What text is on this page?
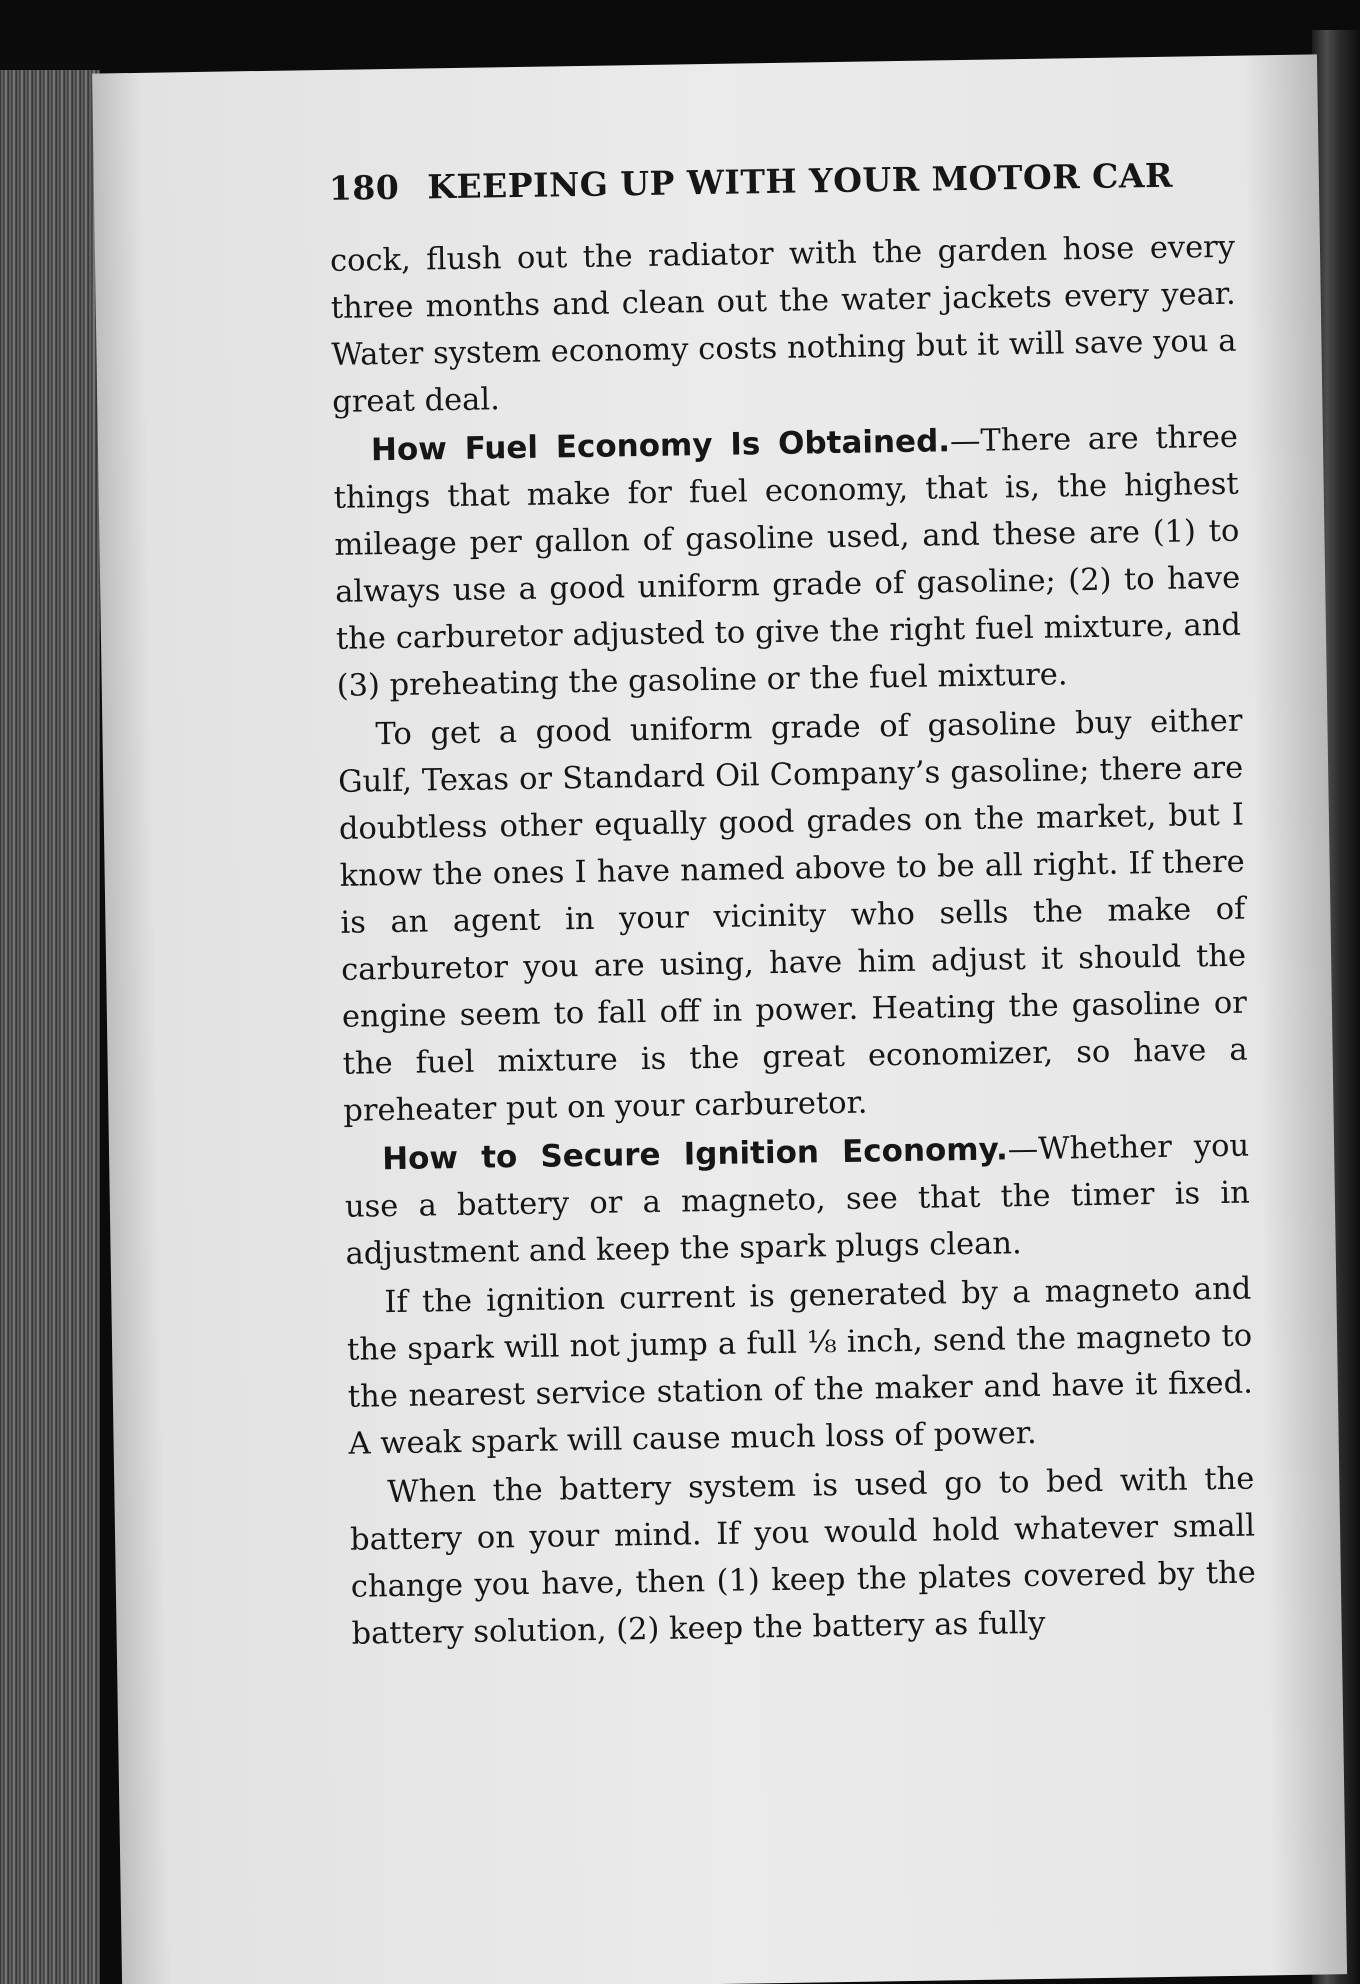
180 KEEPING UP WITH YOUR MOTOR CAR

cock, flush out the radiator with the garden hose every three months and clean out the water jackets every year. Water system economy costs nothing but it will save you a great deal.

How Fuel Economy Is Obtained.—There are three things that make for fuel economy, that is, the highest mileage per gallon of gasoline used, and these are (1) to always use a good uniform grade of gasoline; (2) to have the carburetor adjusted to give the right fuel mixture, and (3) preheating the gasoline or the fuel mixture.

To get a good uniform grade of gasoline buy either Gulf, Texas or Standard Oil Company’s gasoline; there are doubtless other equally good grades on the market, but I know the ones I have named above to be all right. If there is an agent in your vicinity who sells the make of carburetor you are using, have him adjust it should the engine seem to fall off in power. Heating the gasoline or the fuel mixture is the great economizer, so have a preheater put on your carburetor.

How to Secure Ignition Economy.—Whether you use a battery or a magneto, see that the timer is in adjustment and keep the spark plugs clean.

If the ignition current is generated by a magneto and the spark will not jump a full ⅛ inch, send the magneto to the nearest service station of the maker and have it fixed. A weak spark will cause much loss of power.

When the battery system is used go to bed with the battery on your mind. If you would hold whatever small change you have, then (1) keep the plates covered by the battery solution, (2) keep the battery as fully
